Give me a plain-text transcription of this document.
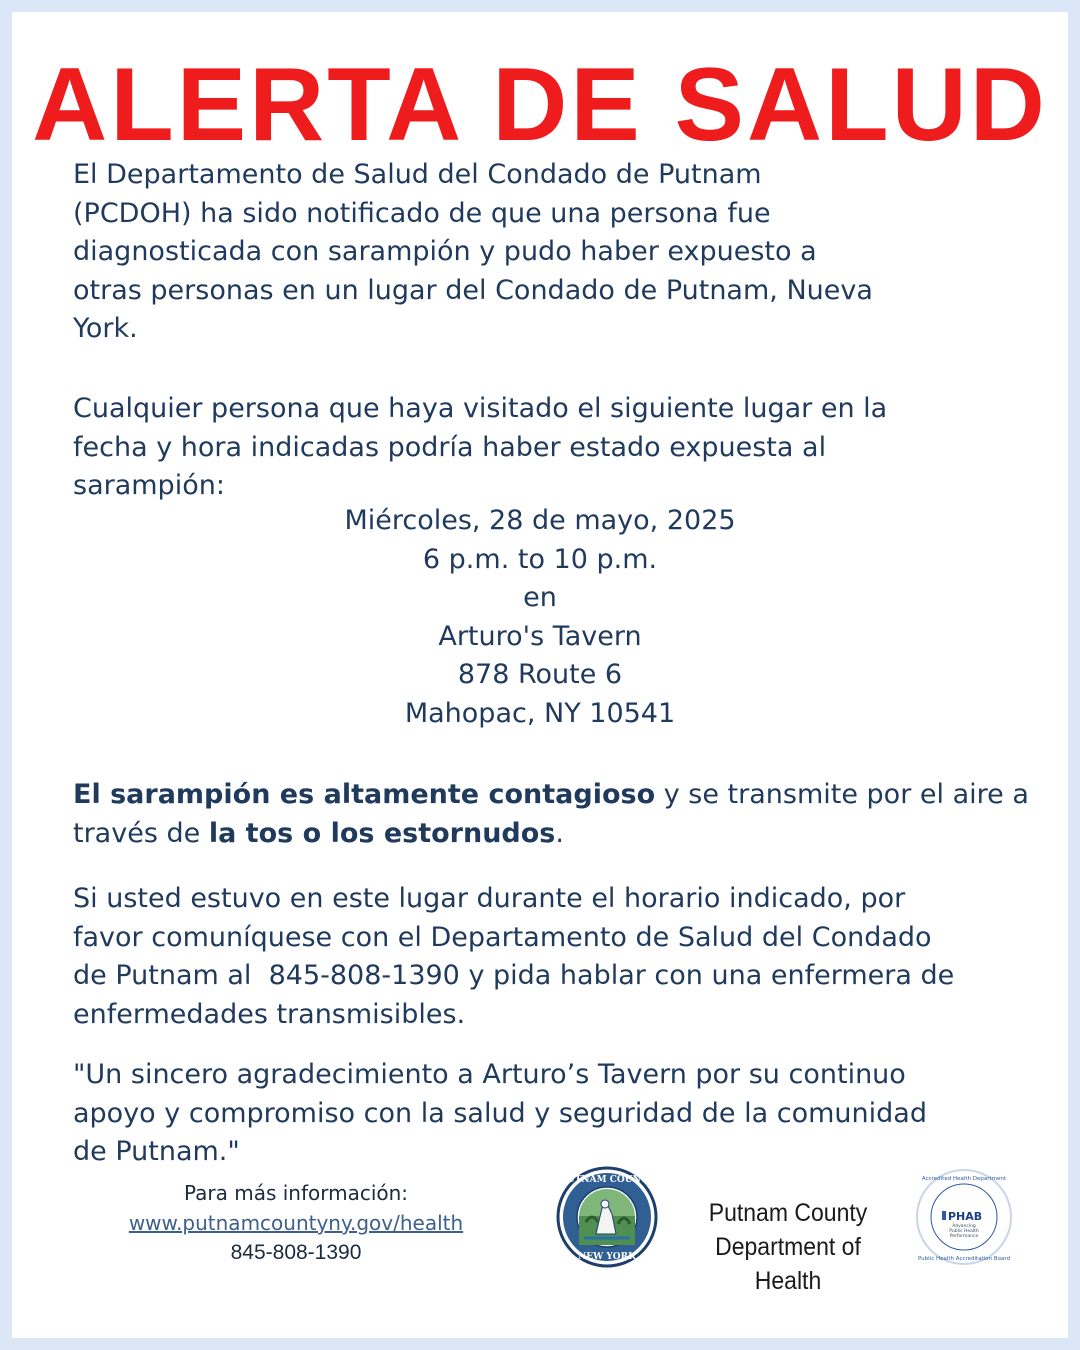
ALERTA DE SALUD
El Departamento de Salud del Condado de Putnam
(PCDOH) ha sido notificado de que una persona fue
diagnosticada con sarampión y pudo haber expuesto a
otras personas en un lugar del Condado de Putnam, Nueva
York.
Cualquier persona que haya visitado el siguiente lugar en la
fecha y hora indicadas podría haber estado expuesta al
sarampión:
Miércoles, 28 de mayo, 2025
6 p.m. to 10 p.m.
en
Arturo's Tavern
878 Route 6
Mahopac, NY 10541
El sarampión es altamente contagioso y se transmite por el aire a
través de la tos o los estornudos.
Si usted estuvo en este lugar durante el horario indicado, por
favor comuníquese con el Departamento de Salud del Condado
de Putnam al  845-808-1390 y pida hablar con una enfermera de
enfermedades transmisibles.
"Un sincero agradecimiento a Arturo’s Tavern por su continuo
apoyo y compromiso con la salud y seguridad de la comunidad
de Putnam."
Para más información:
www.putnamcountyny.gov/health
845-808-1390
PUTNAM COUNTY
NEW YORK
Putnam County
Department of Health
Accredited Health Department
Public Health Accreditation Board
PHAB
Advancing
Public Health
Performance
